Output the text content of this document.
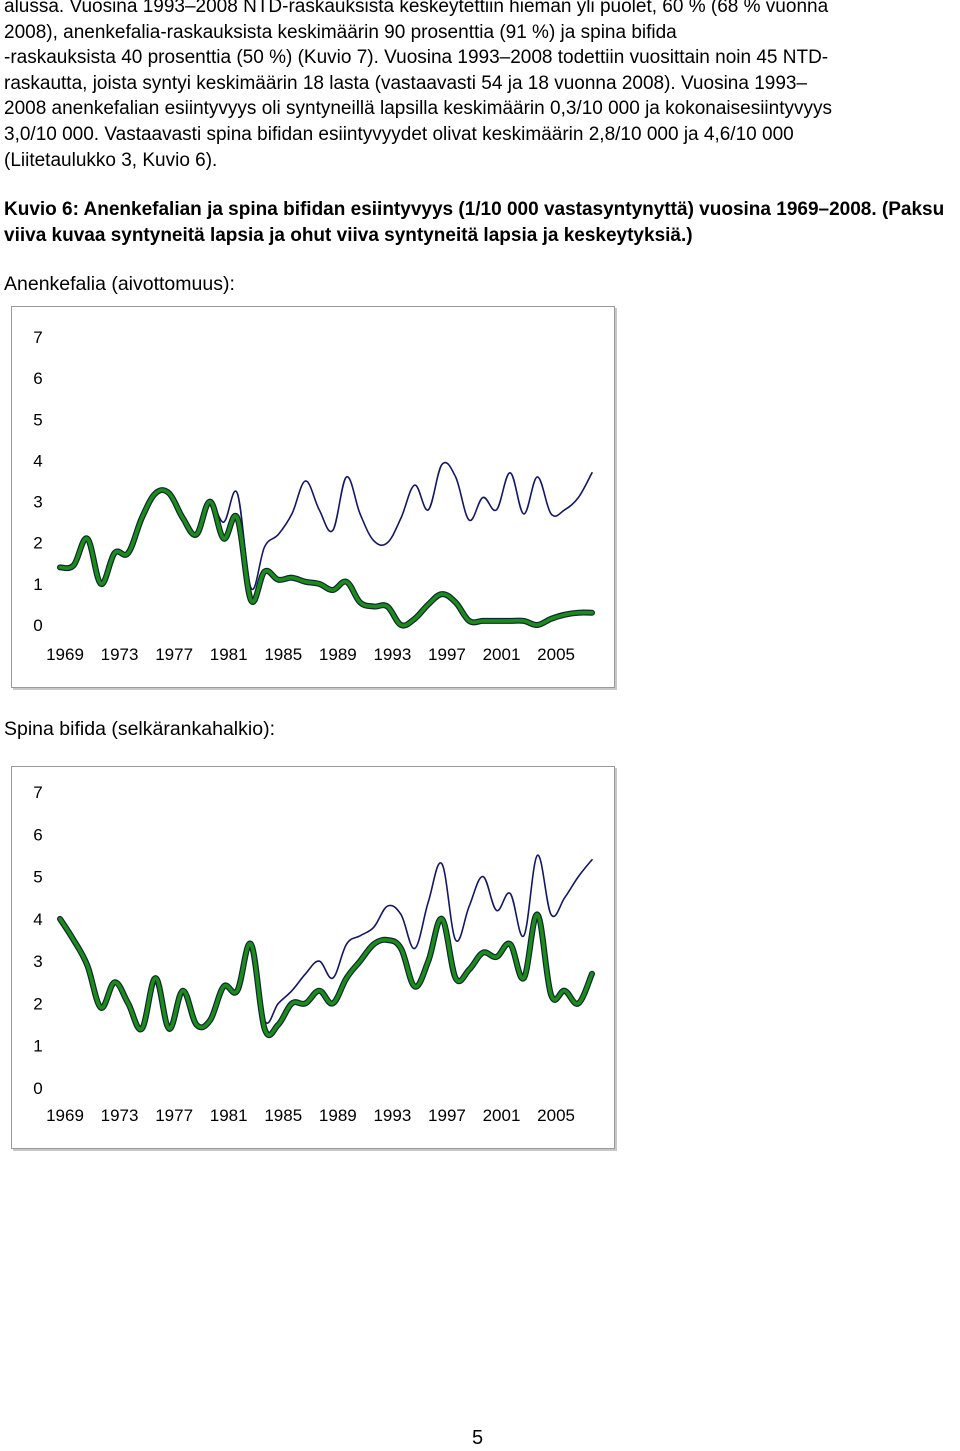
alussa. Vuosina 1993–2008 NTD-raskauksista keskeytettiin hieman yli puolet, 60 % (68 % vuonna
2008), anenkefalia-raskauksista keskimäärin 90 prosenttia (91 %) ja spina bifida
-raskauksista 40 prosenttia (50 %) (Kuvio 7). Vuosina 1993–2008 todettiin vuosittain noin 45 NTD-
raskautta, joista syntyi keskimäärin 18 lasta (vastaavasti 54 ja 18 vuonna 2008). Vuosina 1993–
2008 anenkefalian esiintyvyys oli syntyneillä lapsilla keskimäärin 0,3/10 000 ja kokonaisesiintyvyys
3,0/10 000. Vastaavasti spina bifidan esiintyvyydet olivat keskimäärin 2,8/10 000 ja 4,6/10 000
(Liitetaulukko 3, Kuvio 6).
Kuvio 6: Anenkefalian ja spina bifidan esiintyvyys (1/10 000 vastasyntynyttä) vuosina 1969–2008. (Paksu viiva kuvaa syntyneitä lapsia ja ohut viiva syntyneitä lapsia ja keskeytyksiä.)
Anenkefalia (aivottomuus):
0
1
2
3
4
5
6
7
1969 1973 1977 1981 1985 1989 1993 1997 2001 2005
Spina bifida (selkärankahalkio):
0
1
2
3
4
5
6
7
1969 1973 1977 1981 1985 1989 1993 1997 2001 2005
5
